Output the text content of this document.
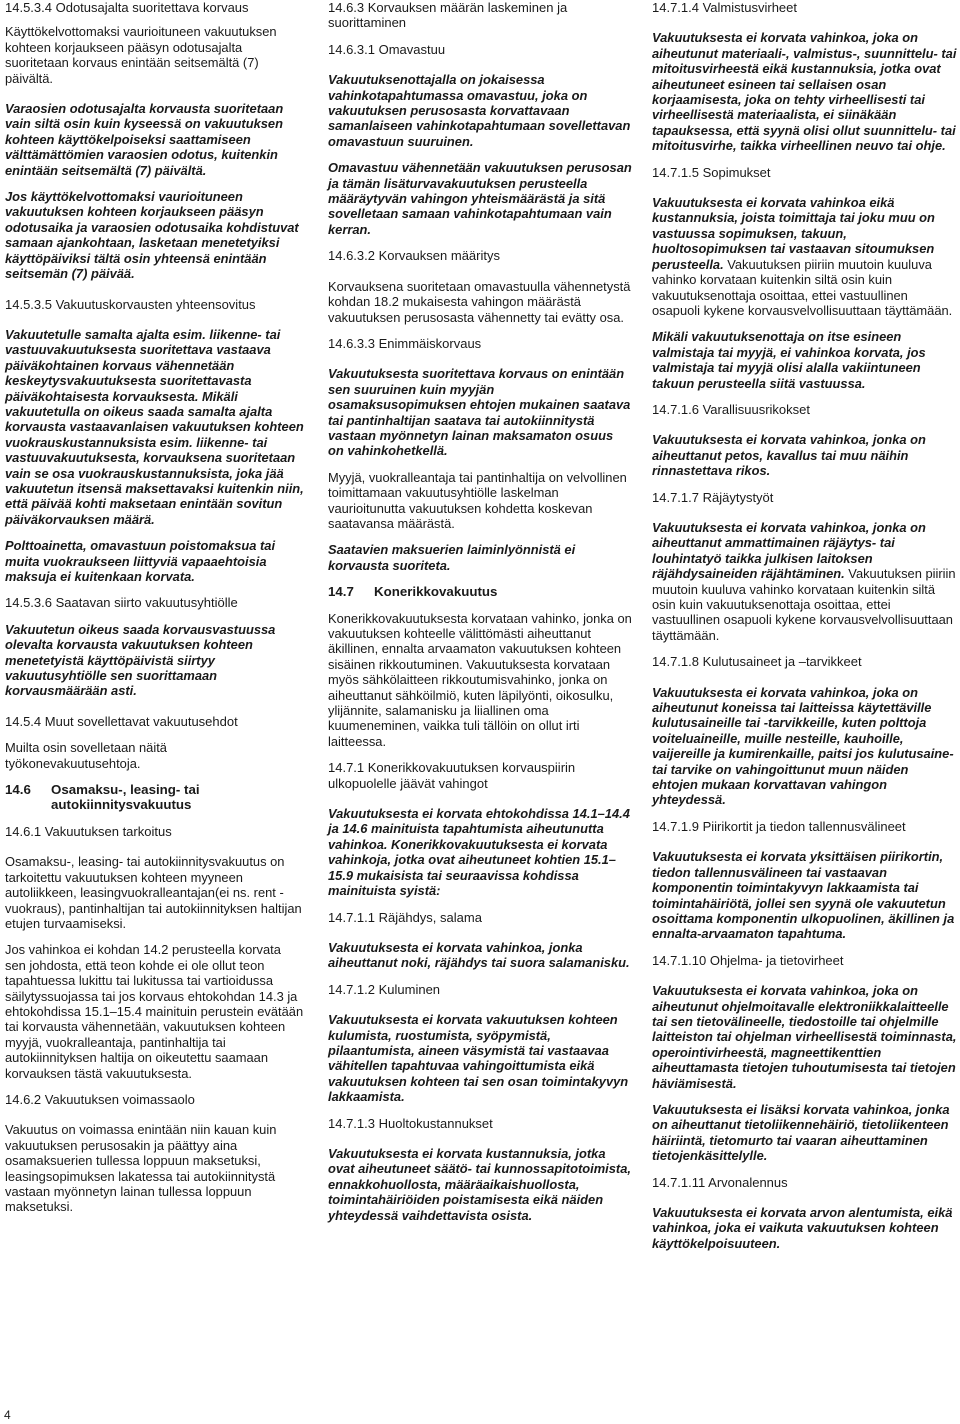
14.5.3.4 Odotusajalta suoritettava korvaus

Käyttökelvottomaksi vaurioituneen vakuutuksen kohteen korjaukseen pääsyn odotusajalta suoritetaan korvaus enintään seitsemältä (7) päivältä.

Varaosien odotusajalta korvausta suoritetaan vain siltä osin kuin kyseessä on vakuutuksen kohteen käyttökelpoiseksi saattamiseen välttämättömien varaosien odotus, kuitenkin enintään seitsemältä (7) päivältä.

Jos käyttökelvottomaksi vaurioituneen vakuutuksen kohteen korjaukseen pääsyn odotusaika ja varaosien odotusaika kohdistuvat samaan ajankohtaan, lasketaan menetetyiksi käyttöpäiviksi tältä osin yhteensä enintään seitsemän (7) päivää.

14.5.3.5 Vakuutuskorvausten yhteensovitus

Vakuutetulle samalta ajalta esim. liikenne- tai vastuuvakuutuksesta suoritettava vastaava päiväkohtainen korvaus vähennetään keskeytysvakuutuksesta suoritettavasta päiväkohtaisesta korvauksesta. Mikäli vakuutetulla on oikeus saada samalta ajalta korvausta vastaavanlaisen vakuutuksen kohteen vuokrauskustannuksista esim. liikenne- tai vastuuvakuutuksesta, korvauksena suoritetaan vain se osa vuokrauskustannuksista, joka jää vakuutetun itsensä maksettavaksi kuitenkin niin, että päivää kohti maksetaan enintään sovitun päiväkorvauksen määrä.

Polttoainetta, omavastuun poistomaksua tai muita vuokraukseen liittyviä vapaaehtoisia maksuja ei kuitenkaan korvata.

14.5.3.6 Saatavan siirto vakuutusyhtiölle

Vakuutetun oikeus saada korvausvastuussa olevalta korvausta vakuutuksen kohteen menetetyistä käyttöpäivistä siirtyy vakuutusyhtiölle sen suorittamaan korvausmäärään asti.

14.5.4 Muut sovellettavat vakuutusehdot

Muilta osin sovelletaan näitä työkonevakuutusehtoja.

14.6	Osamaksu-, leasing- tai autokiinnitysvakuutus

14.6.1 Vakuutuksen tarkoitus

Osamaksu-, leasing- tai autokiinnitysvakuutus on tarkoitettu vakuutuksen kohteen myyneen autoliikkeen, leasingvuokralleantajan(ei ns. rent -vuokraus), pantinhaltijan tai autokiinnityksen haltijan etujen turvaamiseksi.

Jos vahinkoa ei kohdan 14.2 perusteella korvata sen johdosta, että teon kohde ei ole ollut teon tapahtuessa lukittu tai lukitussa tai vartioidussa säilytyssuojassa tai jos korvaus ehtokohdan 14.3 ja ehtokohdissa 15.1–15.4 mainituin perustein evätään tai korvausta vähennetään, vakuutuksen kohteen myyjä, vuokralleantaja, pantinhaltija tai autokiinnityksen haltija on oikeutettu saamaan korvauksen tästä vakuutuksesta.

14.6.2 Vakuutuksen voimassaolo

Vakuutus on voimassa enintään niin kauan kuin vakuutuksen perusosakin ja päättyy aina osamaksuerien tullessa loppuun maksetuksi, leasingsopimuksen lakatessa tai autokiinnitystä vastaan myönnetyn lainan tullessa loppuun maksetuksi.

14.6.3 Korvauksen määrän laskeminen ja suorittaminen

14.6.3.1 Omavastuu

Vakuutuksenottajalla on jokaisessa vahinkotapahtumassa omavastuu, joka on vakuutuksen perusosasta korvattavaan samanlaiseen vahinkotapahtumaan sovellettavan omavastuun suuruinen.

Omavastuu vähennetään vakuutuksen perusosan ja tämän lisäturvavakuutuksen perusteella määräytyvän vahingon yhteismäärästä ja sitä sovelletaan samaan vahinkotapahtumaan vain kerran.

14.6.3.2 Korvauksen määritys

Korvauksena suoritetaan omavastuulla vähennetystä kohdan 18.2 mukaisesta vahingon määrästä vakuutuksen perusosasta vähennetty tai evätty osa.

14.6.3.3 Enimmäiskorvaus

Vakuutuksesta suoritettava korvaus on enintään sen suuruinen kuin myyjän osamaksusopimuksen ehtojen mukainen saatava tai pantinhaltijan saatava tai autokiinnitystä vastaan myönnetyn lainan maksamaton osuus on vahinkohetkellä.

Myyjä, vuokralleantaja tai pantinhaltija on velvollinen toimittamaan vakuutusyhtiölle laskelman vaurioitunutta vakuutuksen kohdetta koskevan saatavansa määrästä.

Saatavien maksuerien laiminlyönnistä ei korvausta suoriteta.

14.7	Konerikkovakuutus

Konerikkovakuutuksesta korvataan vahinko, jonka on vakuutuksen kohteelle välittömästi aiheuttanut äkillinen, ennalta arvaamaton vakuutuksen kohteen sisäinen rikkoutuminen. Vakuutuksesta korvataan myös sähkölaitteen rikkoutumisvahinko, jonka on aiheuttanut sähköilmiö, kuten läpilyönti, oikosulku, ylijännite, salamanisku ja liiallinen oma kuumeneminen, vaikka tuli tällöin on ollut irti laitteessa.

14.7.1 Konerikkovakuutuksen korvauspiirin ulkopuolelle jäävät vahingot

Vakuutuksesta ei korvata ehtokohdissa 14.1–14.4 ja 14.6 mainituista tapahtumista aiheutunutta vahinkoa. Konerikkovakuutuksesta ei korvata vahinkoja, jotka ovat aiheutuneet kohtien 15.1–15.9 mukaisista tai seuraavissa kohdissa mainituista syistä:

14.7.1.1 Räjähdys, salama

Vakuutuksesta ei korvata vahinkoa, jonka aiheuttanut noki, räjähdys tai suora salamanisku.

14.7.1.2 Kuluminen

Vakuutuksesta ei korvata vakuutuksen kohteen kulumista, ruostumista, syöpymistä, pilaantumista, aineen väsymistä tai vastaavaa vähitellen tapahtuvaa vahingoittumista eikä vakuutuksen kohteen tai sen osan toimintakyvyn lakkaamista.

14.7.1.3 Huoltokustannukset

Vakuutuksesta ei korvata kustannuksia, jotka ovat aiheutuneet säätö- tai kunnossapitotoimista, ennakkohuollosta, määräaikaishuollosta, toimintahäiriöiden poistamisesta eikä näiden yhteydessä vaihdettavista osista.

14.7.1.4 Valmistusvirheet

Vakuutuksesta ei korvata vahinkoa, joka on aiheutunut materiaali-, valmistus-, suunnittelu- tai mitoitusvirheestä eikä kustannuksia, jotka ovat aiheutuneet esineen tai sellaisen osan korjaamisesta, joka on tehty virheellisesti tai virheellisestä materiaalista, ei siinäkään tapauksessa, että syynä olisi ollut suunnittelu- tai mitoitusvirhe, taikka virheellinen neuvo tai ohje.

14.7.1.5 Sopimukset

Vakuutuksesta ei korvata vahinkoa eikä kustannuksia, joista toimittaja tai joku muu on vastuussa sopimuksen, takuun, huoltosopimuksen tai vastaavan sitoumuksen perusteella. Vakuutuksen piiriin muutoin kuuluva vahinko korvataan kuitenkin siltä osin kuin vakuutuksenottaja osoittaa, ettei vastuullinen osapuoli kykene korvausvelvollisuuttaan täyttämään.

Mikäli vakuutuksenottaja on itse esineen valmistaja tai myyjä, ei vahinkoa korvata, jos valmistaja tai myyjä olisi alalla vakiintuneen takuun perusteella siitä vastuussa.

14.7.1.6 Varallisuusrikokset

Vakuutuksesta ei korvata vahinkoa, jonka on aiheuttanut petos, kavallus tai muu näihin rinnastettava rikos.

14.7.1.7 Räjäytystyöt

Vakuutuksesta ei korvata vahinkoa, jonka on aiheuttanut ammattimainen räjäytys- tai louhintatyö taikka julkisen laitoksen räjähdysaineiden räjähtäminen. Vakuutuksen piiriin muutoin kuuluva vahinko korvataan kuitenkin siltä osin kuin vakuutuksenottaja osoittaa, ettei vastuullinen osapuoli kykene korvausvelvollisuuttaan täyttämään.

14.7.1.8 Kulutusaineet ja –tarvikkeet

Vakuutuksesta ei korvata vahinkoa, joka on aiheutunut koneissa tai laitteissa käytettäville kulutusaineille tai -tarvikkeille, kuten polttoja voiteluaineille, muille nesteille, kauhoille, vaijereille ja kumirenkaille, paitsi jos kulutusaine- tai tarvike on vahingoittunut muun näiden ehtojen mukaan korvattavan vahingon yhteydessä.

14.7.1.9 Piirikortit ja tiedon tallennusvälineet

Vakuutuksesta ei korvata yksittäisen piirikortin, tiedon tallennusvälineen tai vastaavan komponentin toimintakyvyn lakkaamista tai toimintahäiriötä, jollei sen syynä ole vakuutetun osoittama komponentin ulkopuolinen, äkillinen ja ennalta-arvaamaton tapahtuma.

14.7.1.10 Ohjelma- ja tietovirheet

Vakuutuksesta ei korvata vahinkoa, joka on aiheutunut ohjelmoitavalle elektroniikkalaitteelle tai sen tietovälineelle, tiedostoille tai ohjelmille laitteiston tai ohjelman virheellisestä toiminnasta, operointivirheestä, magneettikenttien aiheuttamasta tietojen tuhoutumisesta tai tietojen häviämisestä.

Vakuutuksesta ei lisäksi korvata vahinkoa, jonka on aiheuttanut tietoliikennehäiriö, tietoliikenteen häiriintä, tietomurto tai vaaran aiheuttaminen tietojenkäsittelylle.

14.7.1.11 Arvonalennus

Vakuutuksesta ei korvata arvon alentumista, eikä vahinkoa, joka ei vaikuta vakuutuksen kohteen käyttökelpoisuuteen.

4
